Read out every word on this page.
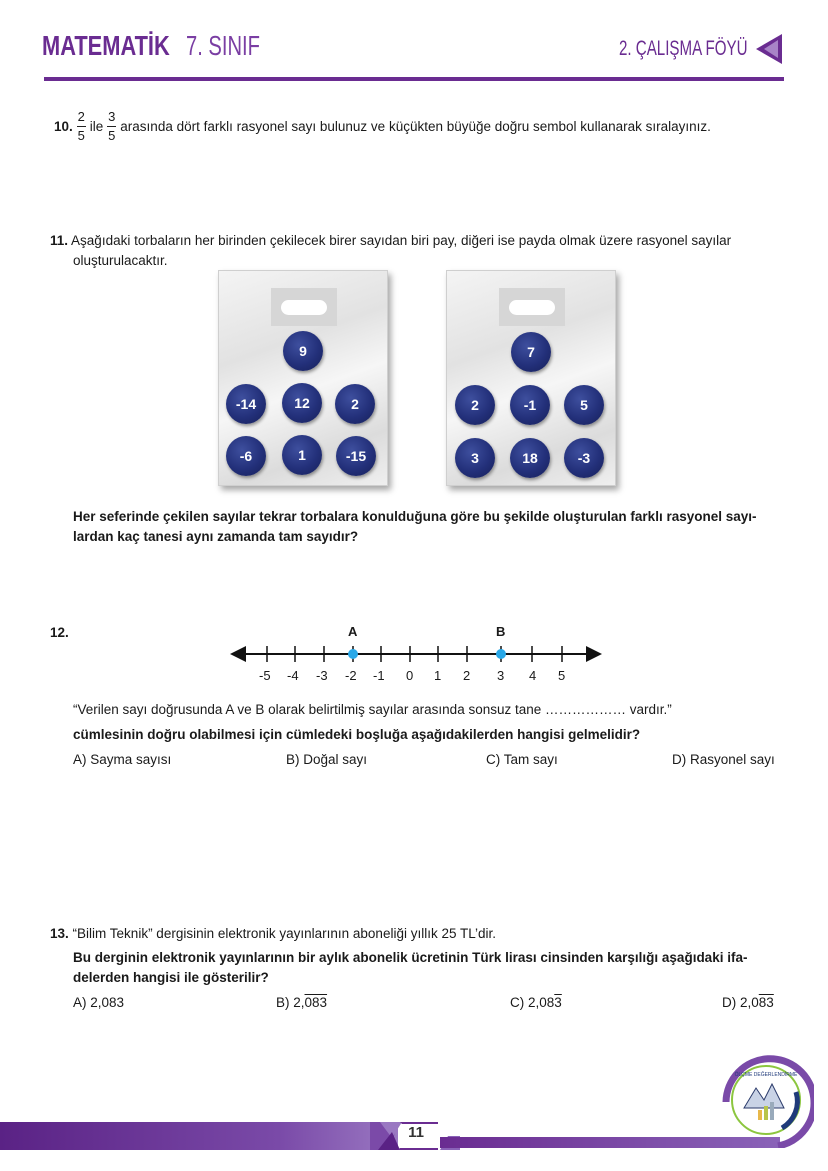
MATEMATİK 7. SINIF	2. ÇALIŞMA FÖYÜ
10. $\frac{2}{5}$ ile $\frac{3}{5}$ arasında dört farklı rasyonel sayı bulunuz ve küçükten büyüğe doğru sembol kullanarak sıralayınız.
11. Aşağıdaki torbaların her birinden çekilecek birer sayıdan biri pay, diğeri ise payda olmak üzere rasyonel sayılar
oluşturulacaktır.
9
-14	12	2
-6	1	-15
7
2	-1	5
3	18	-3
Her seferinde çekilen sayılar tekrar torbalara konulduğuna göre bu şekilde oluşturulan farklı rasyonel sayı-
lardan kaç tanesi aynı zamanda tam sayıdır?
12.	A	B
-5 -4 -3 -2 -1 0 1 2 3 4 5
“Verilen sayı doğrusunda A ve B olarak belirtilmiş sayılar arasında sonsuz tane ……………… vardır.”
cümlesinin doğru olabilmesi için cümledeki boşluğa aşağıdakilerden hangisi gelmelidir?
A) Sayma sayısı	B) Doğal sayı	C) Tam sayı	D) Rasyonel sayı
13. “Bilim Teknik” dergisinin elektronik yayınlarının aboneliği yıllık 25 TL’dir.
Bu derginin elektronik yayınlarının bir aylık abonelik ücretinin Türk lirası cinsinden karşılığı aşağıdaki ifa-
delerden hangisi ile gösterilir?
A) 2,083	B) 2,083	C) 2,083	D) 2,083
11
ÖLÇME DEĞERLENDİRME
